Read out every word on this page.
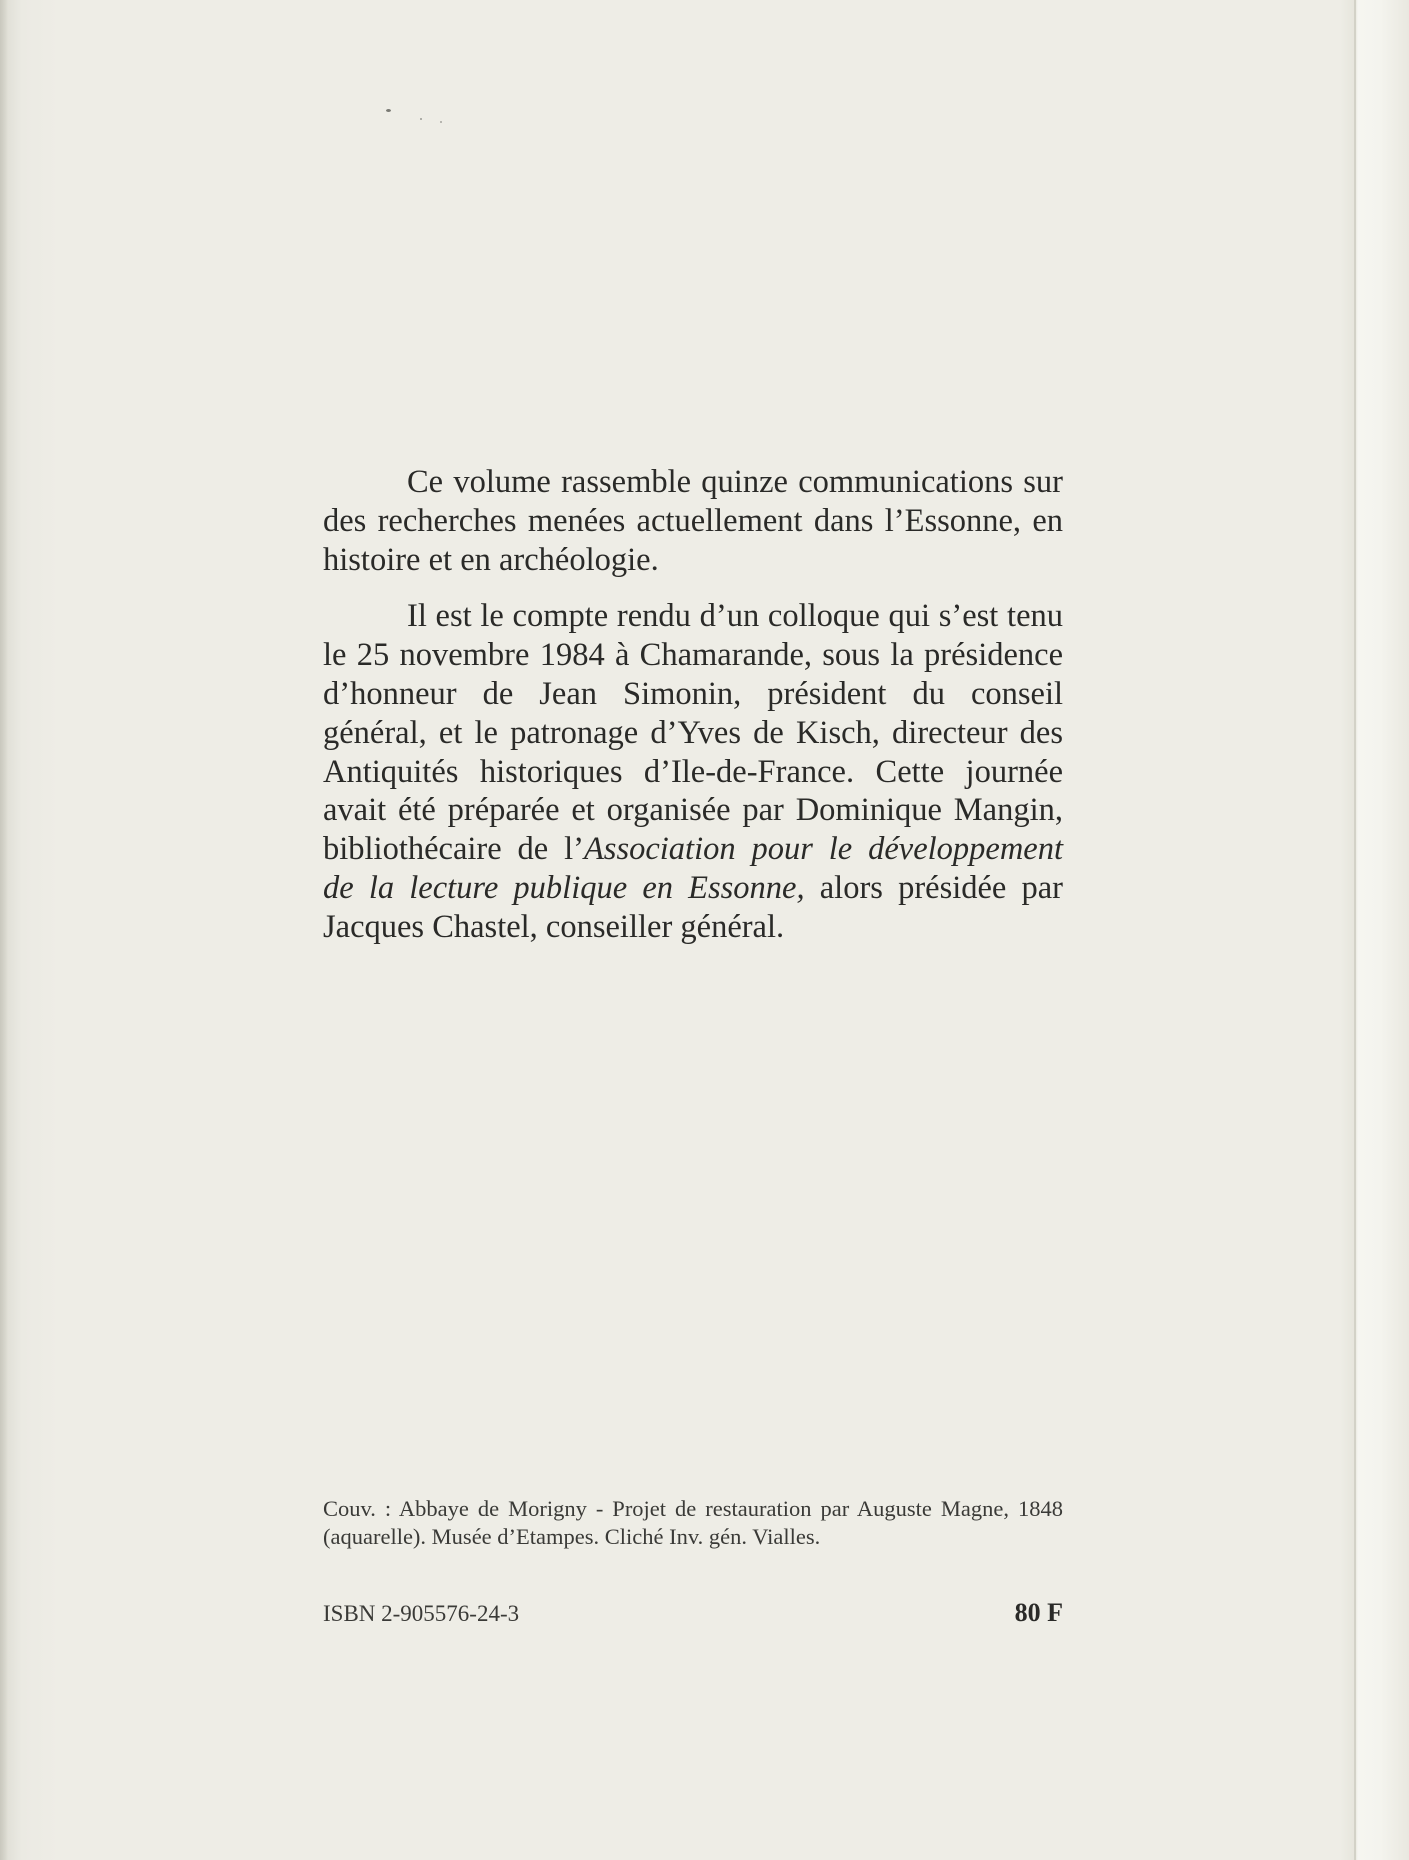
Ce volume rassemble quinze communications sur des recherches menées actuellement dans l’Essonne, en histoire et en archéologie.

Il est le compte rendu d’un colloque qui s’est tenu le 25 novembre 1984 à Chamarande, sous la présidence d’honneur de Jean Simonin, président du conseil général, et le patronage d’Yves de Kisch, directeur des Antiquités historiques d’Ile-de-France. Cette journée avait été préparée et organisée par Dominique Mangin, bibliothécaire de l’Association pour le développement de la lecture publique en Essonne, alors présidée par Jacques Chastel, conseiller général.

Couv. : Abbaye de Morigny - Projet de restauration par Auguste Magne, 1848 (aquarelle). Musée d’Etampes. Cliché Inv. gén. Vialles.
ISBN 2-905576-24-3	80 F
